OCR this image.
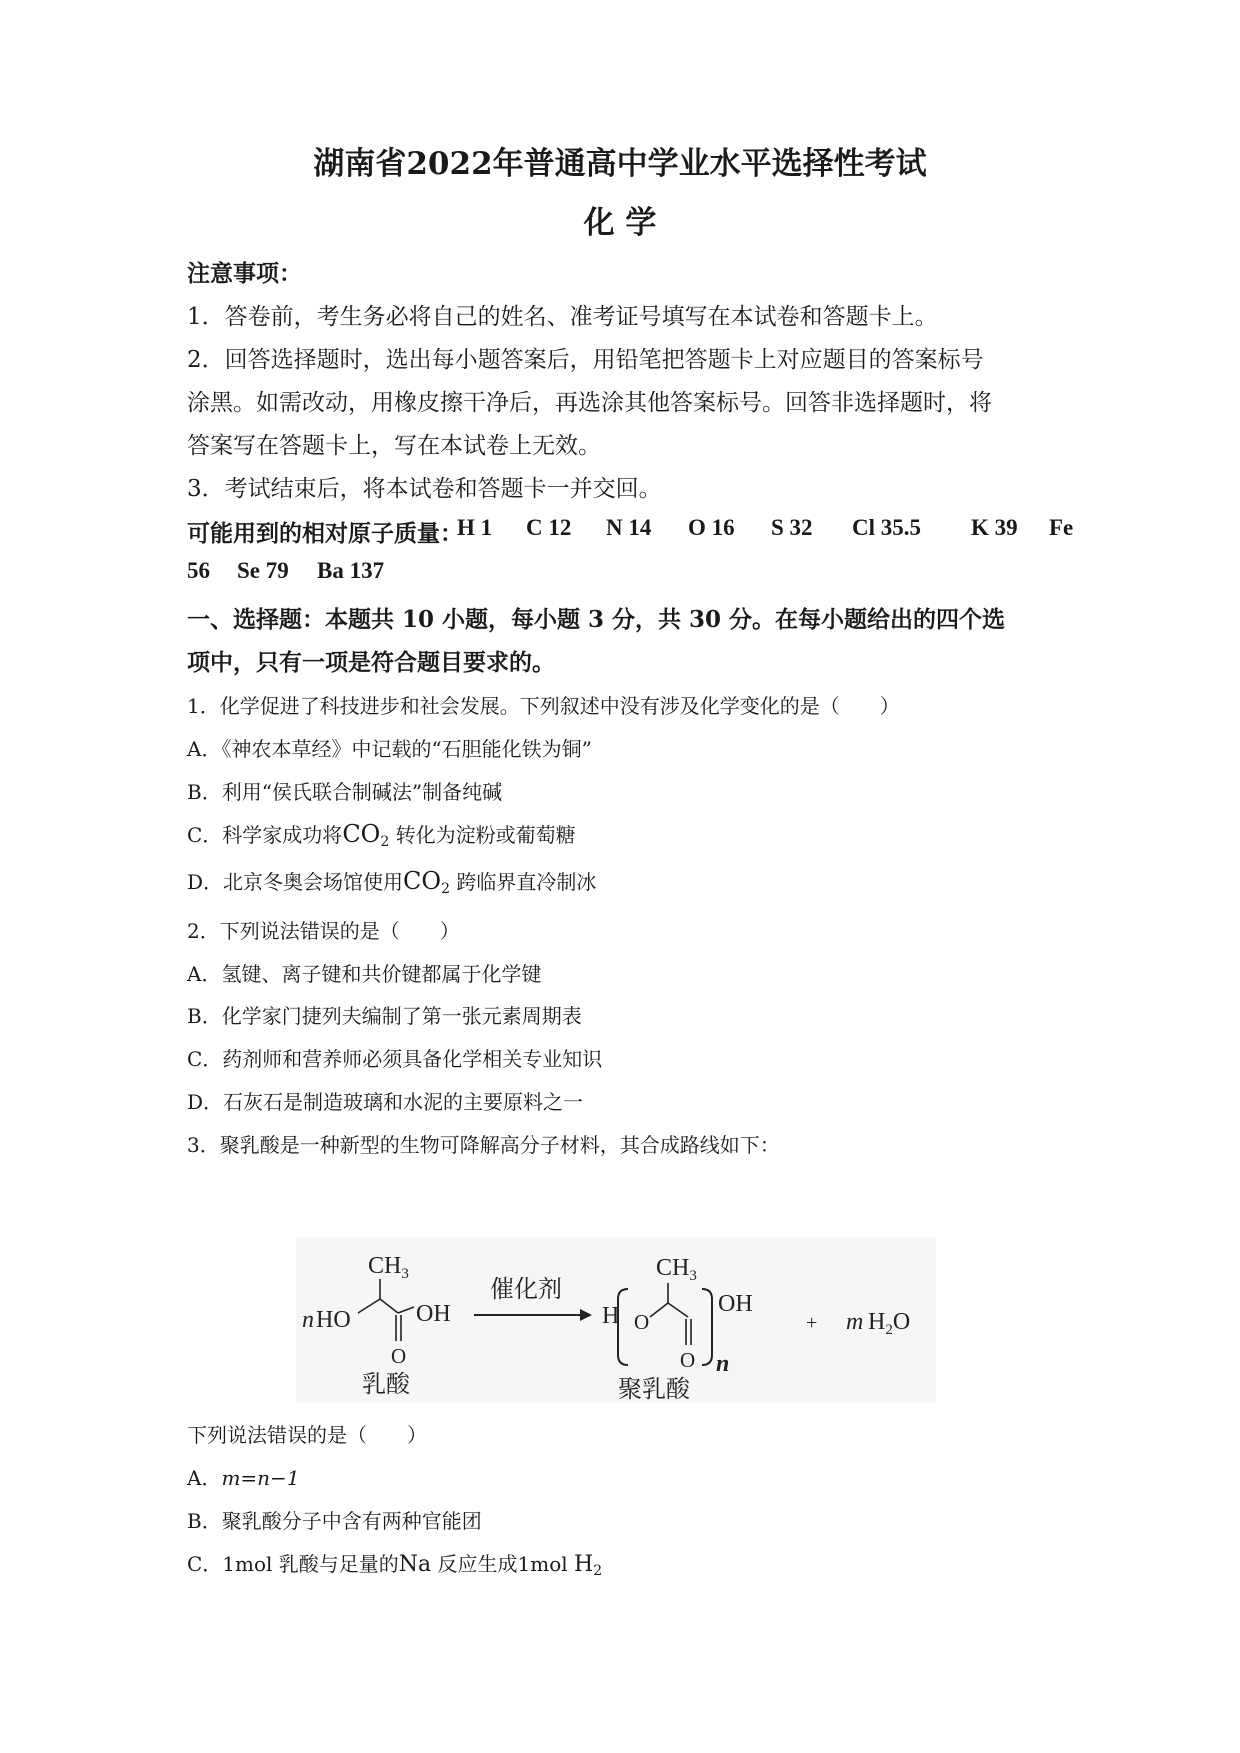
湖南省2022年普通高中学业水平选择性考试
化 学
注意事项：
1．答卷前，考生务必将自己的姓名、准考证号填写在本试卷和答题卡上。
2．回答选择题时，选出每小题答案后，用铅笔把答题卡上对应题目的答案标号
涂黑。如需改动，用橡皮擦干净后，再选涂其他答案标号。回答非选择题时，将
答案写在答题卡上，写在本试卷上无效。
3．考试结束后，将本试卷和答题卡一并交回。
可能用到的相对原子质量：
H 1 C 12 N 14 O 16 S 32 Cl 35.5 K 39 Fe
56 Se 79 Ba 137
一、选择题：本题共 10 小题，每小题 3 分，共 30 分。在每小题给出的四个选
项中，只有一项是符合题目要求的。
1．化学促进了科技进步和社会发展。下列叙述中没有涉及化学变化的是（　　）
A．《神农本草经》中记载的“石胆能化铁为铜”
B．利用“侯氏联合制碱法”制备纯碱
C．科学家成功将$CO_2$ 转化为淀粉或葡萄糖
D．北京冬奥会场馆使用$CO_2$ 跨临界直冷制冰
2．下列说法错误的是（　　）
A．氢键、离子键和共价键都属于化学键
B．化学家门捷列夫编制了第一张元素周期表
C．药剂师和营养师必须具备化学相关专业知识
D．石灰石是制造玻璃和水泥的主要原料之一
3．聚乳酸是一种新型的生物可降解高分子材料，其合成路线如下：
n HO
$CH_3$
OH
O
乳酸
催化剂
H O
$CH_3$
O n
OH
聚乳酸
+ m $H_2O$
下列说法错误的是（　　）
A．m=n−1
B．聚乳酸分子中含有两种官能团
C．1mol 乳酸与足量的Na 反应生成1mol $H_2$
